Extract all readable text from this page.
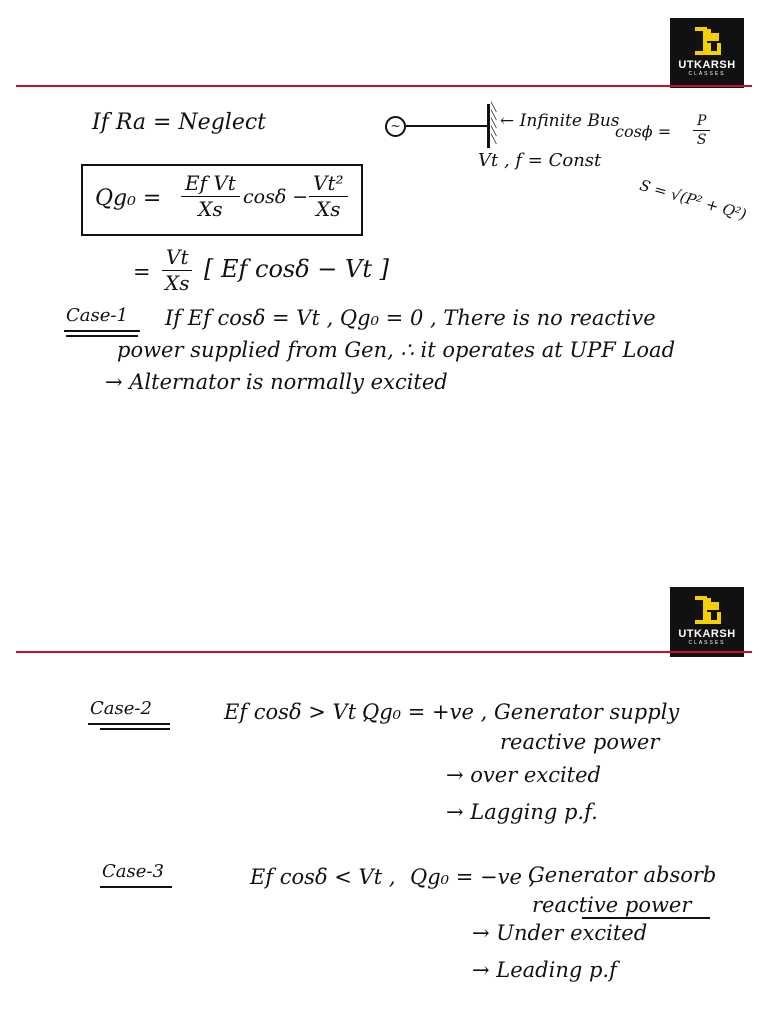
UTKARSH
CLASSES
If Ra = Neglect	~
╲
╲
╲
╲
╲
← Infinite Bus
Vt , f = Const
cosϕ =
P
S
S = √(P² + Q²)
Qg₀ =
Ef Vt
Xs cosδ −
Vt²
Xs
=
Vt
Xs [ Ef cosδ − Vt ]
Case-1 If Ef cosδ = Vt , Qg₀ = 0 , There is no reactive
power supplied from Gen, ∴ it operates at UPF Load
→ Alternator is normally excited
UTKARSH
CLASSES
Case-2	Ef cosδ > Vt ,
Qg₀ = +ve , Generator supply
reactive power
→ over excited
→ Lagging p.f.
Case-3	Ef cosδ < Vt , Qg₀ = −ve ,
Generator absorb
reactive power
→ Under excited
→ Leading p.f
